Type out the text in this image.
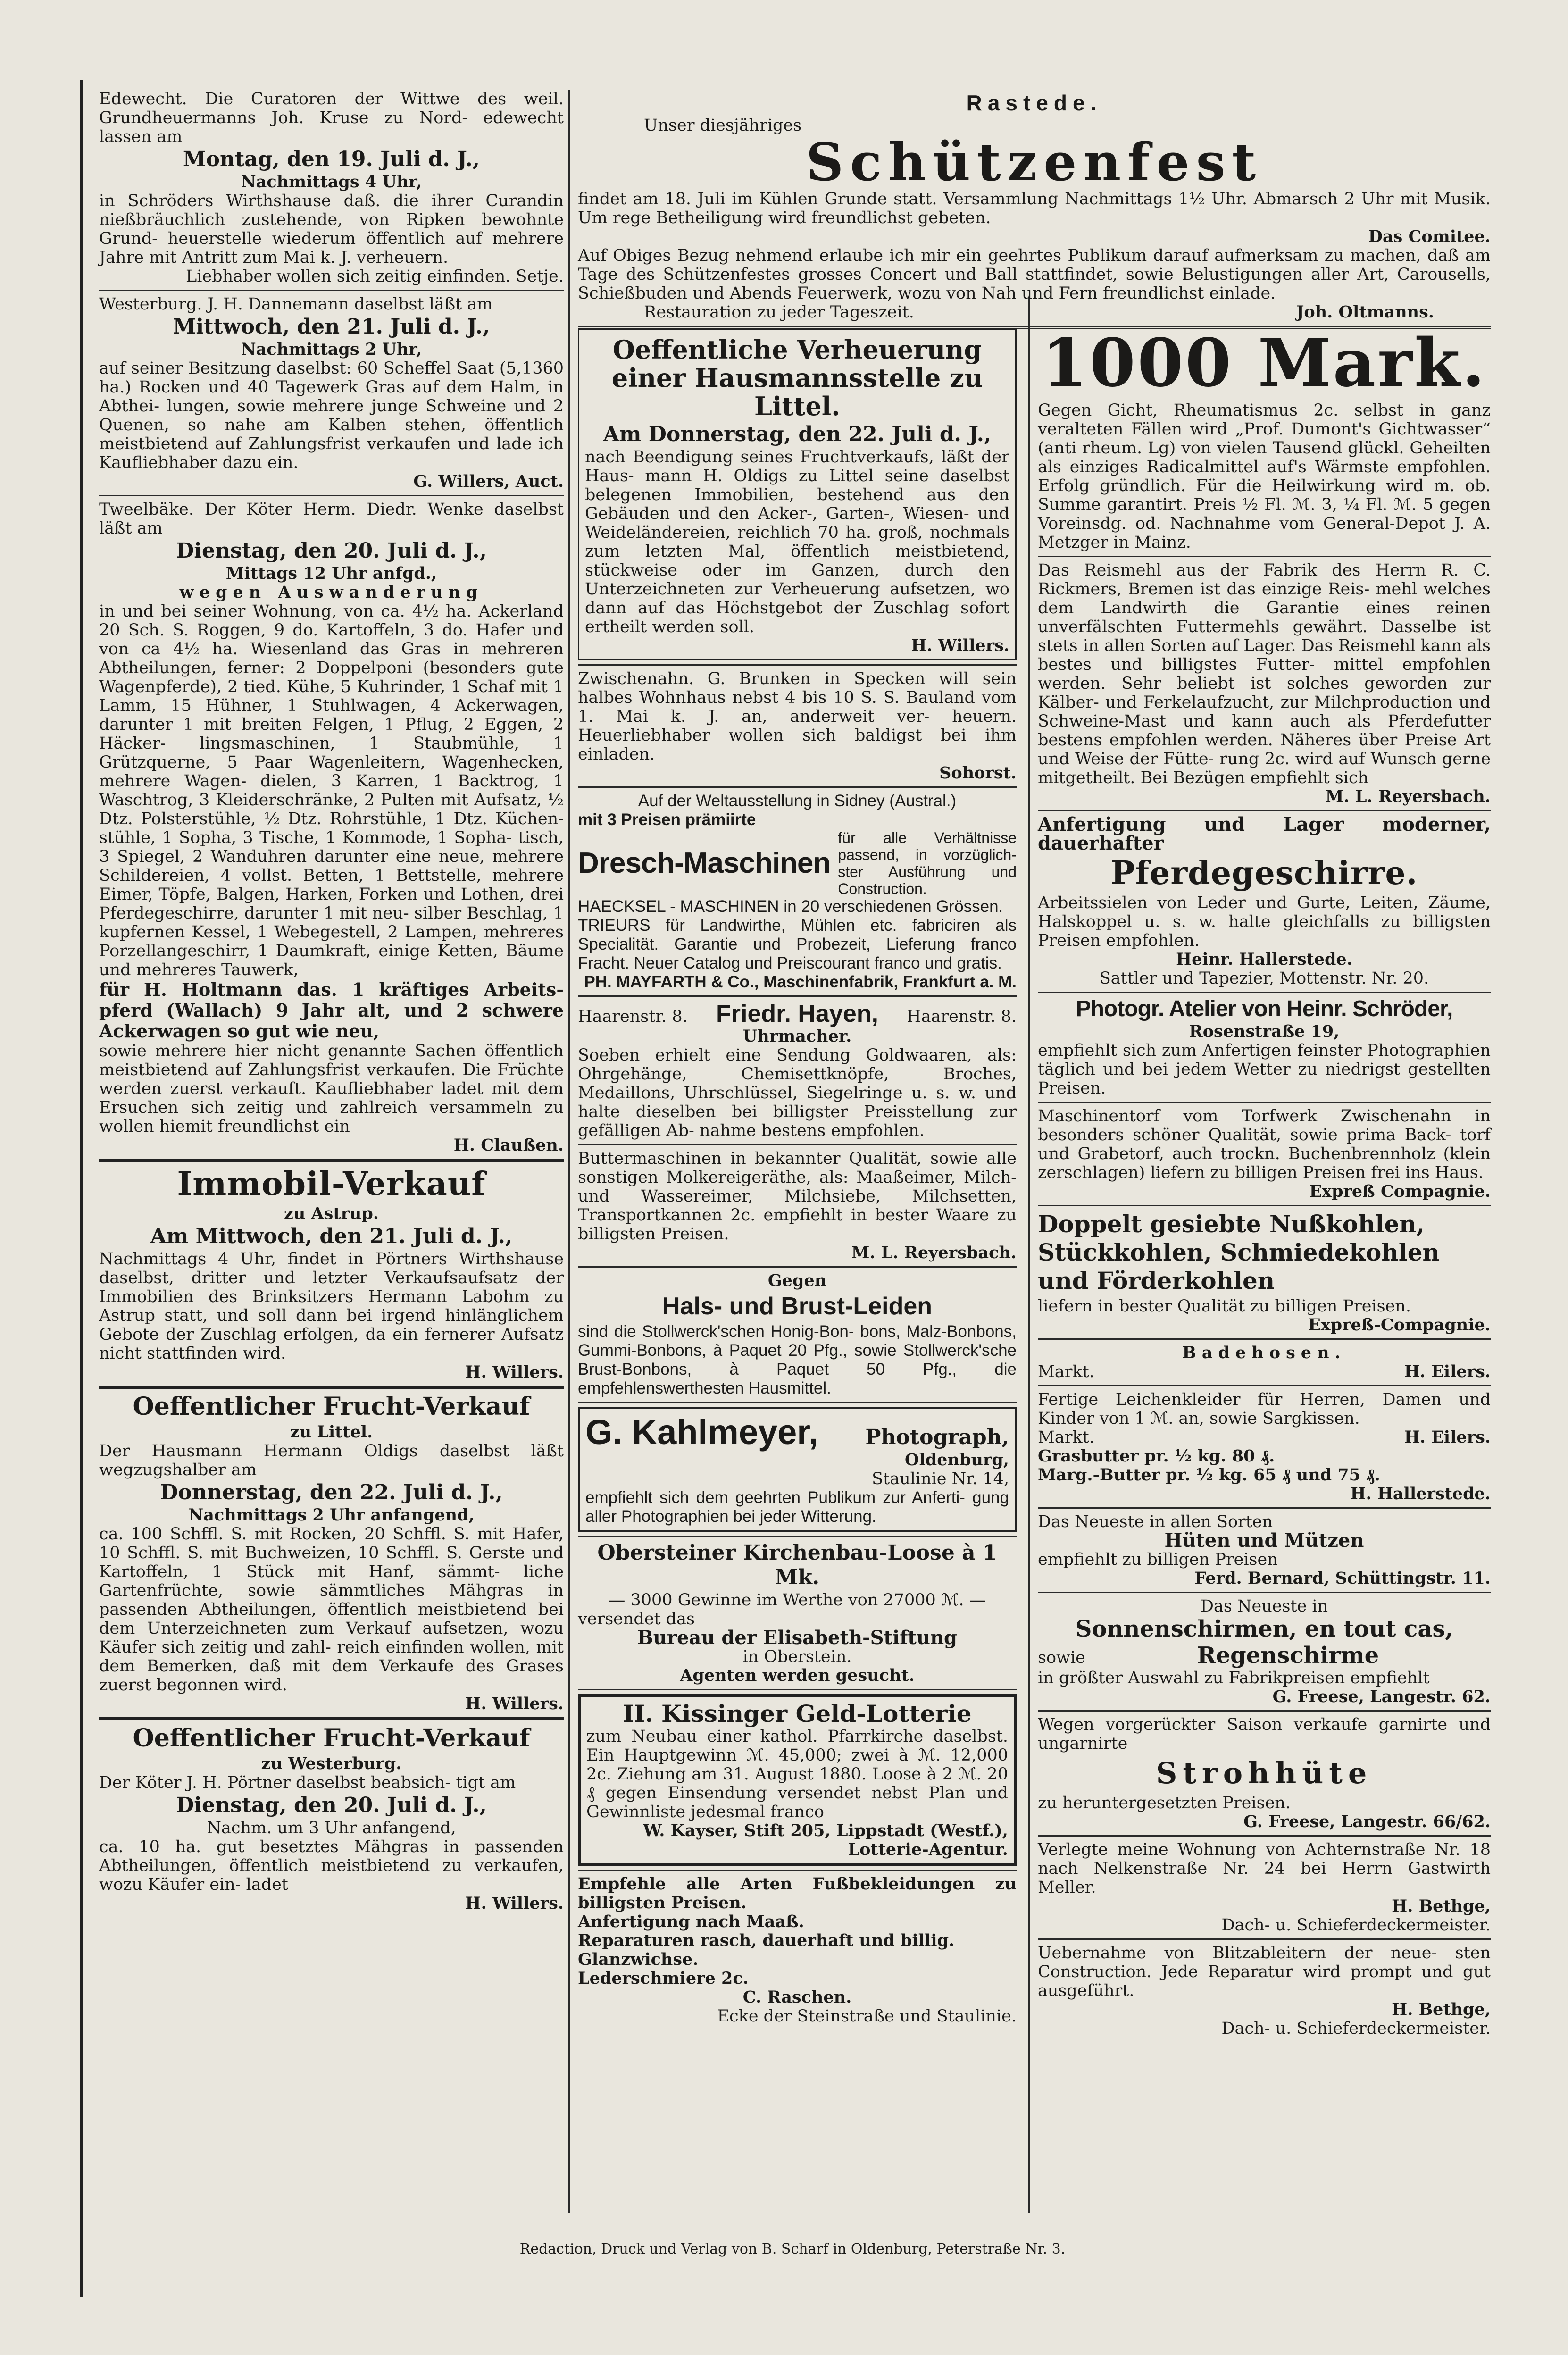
Edewecht. Die Curatoren der Wittwe des weil. Grundheuermanns Joh. Kruse zu Nord- edewecht lassen am

Montag, den 19. Juli d. J.,

Nachmittags 4 Uhr,

in Schröders Wirthshause daß. die ihrer Curandin nießbräuchlich zustehende, von Ripken bewohnte Grund- heuerstelle wiederum öffentlich auf mehrere Jahre mit Antritt zum Mai k. J. verheuern.

Liebhaber wollen sich zeitig einfinden. Setje.

Westerburg. J. H. Dannemann daselbst läßt am

Mittwoch, den 21. Juli d. J.,

Nachmittags 2 Uhr,

auf seiner Besitzung daselbst: 60 Scheffel Saat (5,1360 ha.) Rocken und 40 Tagewerk Gras auf dem Halm, in Abthei- lungen, sowie mehrere junge Schweine und 2 Quenen, so nahe am Kalben stehen, öffentlich meistbietend auf Zahlungsfrist verkaufen und lade ich Kaufliebhaber dazu ein.

G. Willers, Auct.

Tweelbäke. Der Köter Herm. Diedr. Wenke daselbst läßt am

Dienstag, den 20. Juli d. J.,

Mittags 12 Uhr anfgd.,

wegen Auswanderung

in und bei seiner Wohnung, von ca. 4½ ha. Ackerland 20 Sch. S. Roggen, 9 do. Kartoffeln, 3 do. Hafer und von ca 4½ ha. Wiesenland das Gras in mehreren Abtheilungen, ferner: 2 Doppelponi (besonders gute Wagenpferde), 2 tied. Kühe, 5 Kuhrinder, 1 Schaf mit 1 Lamm, 15 Hühner, 1 Stuhlwagen, 4 Ackerwagen, darunter 1 mit breiten Felgen, 1 Pflug, 2 Eggen, 2 Häcker- lingsmaschinen, 1 Staubmühle, 1 Grützquerne, 5 Paar Wagenleitern, Wagenhecken, mehrere Wagen- dielen, 3 Karren, 1 Backtrog, 1 Waschtrog, 3 Kleiderschränke, 2 Pulten mit Aufsatz, ½ Dtz. Polsterstühle, ½ Dtz. Rohrstühle, 1 Dtz. Küchen- stühle, 1 Sopha, 3 Tische, 1 Kommode, 1 Sopha- tisch, 3 Spiegel, 2 Wanduhren darunter eine neue, mehrere Schildereien, 4 vollst. Betten, 1 Bettstelle, mehrere Eimer, Töpfe, Balgen, Harken, Forken und Lothen, drei Pferdegeschirre, darunter 1 mit neu- silber Beschlag, 1 kupfernen Kessel, 1 Webegestell, 2 Lampen, mehreres Porzellangeschirr, 1 Daumkraft, einige Ketten, Bäume und mehreres Tauwerk,

für H. Holtmann das. 1 kräftiges Arbeits- pferd (Wallach) 9 Jahr alt, und 2 schwere Ackerwagen so gut wie neu,

sowie mehrere hier nicht genannte Sachen öffentlich meistbietend auf Zahlungsfrist verkaufen. Die Früchte werden zuerst verkauft. Kaufliebhaber ladet mit dem Ersuchen sich zeitig und zahlreich versammeln zu wollen hiemit freundlichst ein

H. Claußen.

Immobil-Verkauf

zu Astrup.

Am Mittwoch, den 21. Juli d. J.,

Nachmittags 4 Uhr, findet in Pörtners Wirthshause daselbst, dritter und letzter Verkaufsaufsatz der Immobilien des Brinksitzers Hermann Labohm zu Astrup statt, und soll dann bei irgend hinlänglichem Gebote der Zuschlag erfolgen, da ein fernerer Aufsatz nicht stattfinden wird.

H. Willers.

Oeffentlicher Frucht-Verkauf

zu Littel.

Der Hausmann Hermann Oldigs daselbst läßt wegzugshalber am

Donnerstag, den 22. Juli d. J.,

Nachmittags 2 Uhr anfangend,

ca. 100 Schffl. S. mit Rocken, 20 Schffl. S. mit Hafer, 10 Schffl. S. mit Buchweizen, 10 Schffl. S. Gerste und Kartoffeln, 1 Stück mit Hanf, sämmt- liche Gartenfrüchte, sowie sämmtliches Mähgras in passenden Abtheilungen, öffentlich meistbietend bei dem Unterzeichneten zum Verkauf aufsetzen, wozu Käufer sich zeitig und zahl- reich einfinden wollen, mit dem Bemerken, daß mit dem Verkaufe des Grases zuerst begonnen wird.

H. Willers.

Oeffentlicher Frucht-Verkauf

zu Westerburg.

Der Köter J. H. Pörtner daselbst beabsich- tigt am

Dienstag, den 20. Juli d. J.,

Nachm. um 3 Uhr anfangend,

ca. 10 ha. gut besetztes Mähgras in passenden Abtheilungen, öffentlich meistbietend zu verkaufen, wozu Käufer ein- ladet

H. Willers.

Rastede.

Unser diesjähriges

Schützenfest

findet am 18. Juli im Kühlen Grunde statt. Versammlung Nachmittags 1½ Uhr. Abmarsch 2 Uhr mit Musik. Um rege Betheiligung wird freundlichst gebeten.

Das Comitee.

Auf Obiges Bezug nehmend erlaube ich mir ein geehrtes Publikum darauf aufmerksam zu machen, daß am Tage des Schützenfestes grosses Concert und Ball stattfindet, sowie Belustigungen aller Art, Carousells, Schießbuden und Abends Feuerwerk, wozu von Nah und Fern freundlichst einlade.

Restauration zu jeder Tageszeit.	Joh. Oltmanns.

Oeffentliche Verheuerung einer Hausmannsstelle zu Littel.

Am Donnerstag, den 22. Juli d. J.,

nach Beendigung seines Fruchtverkaufs, läßt der Haus- mann H. Oldigs zu Littel seine daselbst belegenen Immobilien, bestehend aus den Gebäuden und den Acker-, Garten-, Wiesen- und Weideländereien, reichlich 70 ha. groß, nochmals zum letzten Mal, öffentlich meistbietend, stückweise oder im Ganzen, durch den Unterzeichneten zur Verheuerung aufsetzen, wo dann auf das Höchstgebot der Zuschlag sofort ertheilt werden soll.

H. Willers.

Zwischenahn. G. Brunken in Specken will sein halbes Wohnhaus nebst 4 bis 10 S. S. Bauland vom 1. Mai k. J. an, anderweit ver- heuern. Heuerliebhaber wollen sich baldigst bei ihm einladen.

Sohorst.

Auf der Weltausstellung in Sidney (Austral.)

mit 3 Preisen prämiirte

Dresch-Maschinen
für alle Verhältnisse passend, in vorzüglich- ster Ausführung und Construction.

HAECKSEL - MASCHINEN in 20 verschiedenen Grössen.

TRIEURS für Landwirthe, Mühlen etc. fabriciren als Specialität. Garantie und Probezeit, Lieferung franco Fracht. Neuer Catalog und Preiscourant franco und gratis.

PH. MAYFARTH & Co., Maschinenfabrik, Frankfurt a. M.

Haarenstr. 8. Friedr. Hayen, Haarenstr. 8.

Uhrmacher.

Soeben erhielt eine Sendung Goldwaaren, als: Ohrgehänge, Chemisettknöpfe, Broches, Medaillons, Uhrschlüssel, Siegelringe u. s. w. und halte dieselben bei billigster Preisstellung zur gefälligen Ab- nahme bestens empfohlen.

Buttermaschinen in bekannter Qualität, sowie alle sonstigen Molkereigeräthe, als: Maaßeimer, Milch- und Wassereimer, Milchsiebe, Milchsetten, Transportkannen 2c. empfiehlt in bester Waare zu billigsten Preisen.

M. L. Reyersbach.

Gegen

Hals- und Brust-Leiden

sind die Stollwerck'schen Honig-Bon- bons, Malz-Bonbons, Gummi-Bonbons, à Paquet 20 Pfg., sowie Stollwerck'sche Brust-Bonbons, à Paquet 50 Pfg., die empfehlenswerthesten Hausmittel.

G. Kahlmeyer, Photograph,
Oldenburg,
Staulinie Nr. 14,

empfiehlt sich dem geehrten Publikum zur Anferti- gung aller Photographien bei jeder Witterung.

Obersteiner Kirchenbau-Loose à 1 Mk.

— 3000 Gewinne im Werthe von 27000 ℳ. —

versendet das

Bureau der Elisabeth-Stiftung

in Oberstein.

Agenten werden gesucht.

II. Kissinger Geld-Lotterie

zum Neubau einer kathol. Pfarrkirche daselbst. Ein Hauptgewinn ℳ. 45,000; zwei à ℳ. 12,000 2c. Ziehung am 31. August 1880. Loose à 2 ℳ. 20 ₰ gegen Einsendung versendet nebst Plan und Gewinnliste jedesmal franco

W. Kayser, Stift 205, Lippstadt (Westf.), Lotterie-Agentur.

Empfehle alle Arten Fußbekleidungen zu billigsten Preisen.

Anfertigung nach Maaß.

Reparaturen rasch, dauerhaft und billig.

Glanzwichse.

Lederschmiere 2c.

C. Raschen.

Ecke der Steinstraße und Staulinie.

1000 Mark.

Gegen Gicht, Rheumatismus 2c. selbst in ganz veralteten Fällen wird „Prof. Dumont's Gichtwasser“ (anti rheum. Lg) von vielen Tausend glückl. Geheilten als einziges Radicalmittel auf's Wärmste empfohlen. Erfolg gründlich. Für die Heilwirkung wird m. ob. Summe garantirt. Preis ½ Fl. ℳ. 3, ¼ Fl. ℳ. 5 gegen Voreinsdg. od. Nachnahme vom General-Depot J. A. Metzger in Mainz.

Das Reismehl aus der Fabrik des Herrn R. C. Rickmers, Bremen ist das einzige Reis- mehl welches dem Landwirth die Garantie eines reinen unverfälschten Futtermehls gewährt. Dasselbe ist stets in allen Sorten auf Lager. Das Reismehl kann als bestes und billigstes Futter- mittel empfohlen werden. Sehr beliebt ist solches geworden zur Kälber- und Ferkelaufzucht, zur Milchproduction und Schweine-Mast und kann auch als Pferdefutter bestens empfohlen werden. Näheres über Preise Art und Weise der Fütte- rung 2c. wird auf Wunsch gerne mitgetheilt. Bei Bezügen empfiehlt sich

M. L. Reyersbach.

Anfertigung und Lager moderner, dauerhafter

Pferdegeschirre.

Arbeitssielen von Leder und Gurte, Leiten, Zäume, Halskoppel u. s. w. halte gleichfalls zu billigsten Preisen empfohlen.

Heinr. Hallerstede.

Sattler und Tapezier, Mottenstr. Nr. 20.

Photogr. Atelier von Heinr. Schröder,

Rosenstraße 19,

empfiehlt sich zum Anfertigen feinster Photographien täglich und bei jedem Wetter zu niedrigst gestellten Preisen.

Maschinentorf vom Torfwerk Zwischenahn in besonders schöner Qualität, sowie prima Back- torf und Grabetorf, auch trockn. Buchenbrennholz (klein zerschlagen) liefern zu billigen Preisen frei ins Haus.

Expreß Compagnie.

Doppelt gesiebte Nußkohlen, Stückkohlen, Schmiedekohlen und Förderkohlen

liefern in bester Qualität zu billigen Preisen.

Expreß-Compagnie.

Badehosen.

Markt.	H. Eilers.

Fertige Leichenkleider für Herren, Damen und Kinder von 1 ℳ. an, sowie Sargkissen.

Markt.	H. Eilers.

Grasbutter pr. ½ kg. 80 ₰.

Marg.-Butter pr. ½ kg. 65 ₰ und 75 ₰.

H. Hallerstede.

Das Neueste in allen Sorten

Hüten und Mützen

empfiehlt zu billigen Preisen

Ferd. Bernard, Schüttingstr. 11.

Das Neueste in

Sonnenschirmen, en tout cas,

sowie	Regenschirme

in größter Auswahl zu Fabrikpreisen empfiehlt

G. Freese, Langestr. 62.

Wegen vorgerückter Saison verkaufe garnirte und ungarnirte

Strohhüte

zu heruntergesetzten Preisen.

G. Freese, Langestr. 66/62.

Verlegte meine Wohnung von Achternstraße Nr. 18 nach Nelkenstraße Nr. 24 bei Herrn Gastwirth Meller.

H. Bethge,

Dach- u. Schieferdeckermeister.

Uebernahme von Blitzableitern der neue- sten Construction. Jede Reparatur wird prompt und gut ausgeführt.

H. Bethge,

Dach- u. Schieferdeckermeister.

Redaction, Druck und Verlag von B. Scharf in Oldenburg, Peterstraße Nr. 3.
